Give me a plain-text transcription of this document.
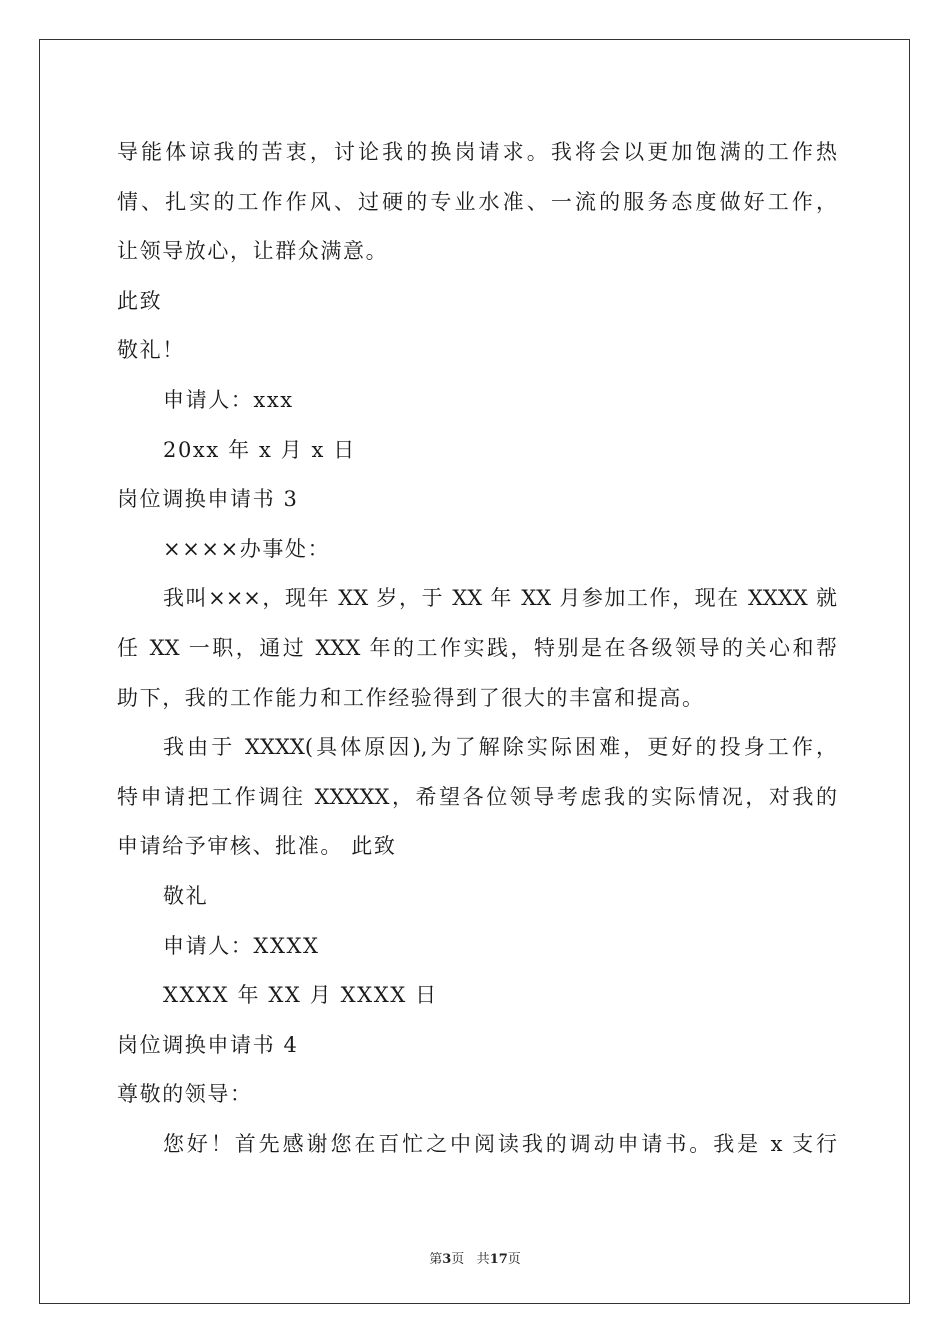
导能体谅我的苦衷，讨论我的换岗请求。我将会以更加饱满的工作热
情、扎实的工作作风、过硬的专业水准、一流的服务态度做好工作，
让领导放心，让群众满意。
此致
敬礼！
申请人：xxx
20xx 年 x 月 x 日
岗位调换申请书 3
××××办事处：
我叫×××，现年 XX 岁，于 XX 年 XX 月参加工作，现在 XXXX 就
任 XX 一职，通过 XXX 年的工作实践，特别是在各级领导的关心和帮
助下，我的工作能力和工作经验得到了很大的丰富和提高。
我由于 XXXX(具体原因),为了解除实际困难，更好的投身工作，
特申请把工作调往 XXXXX，希望各位领导考虑我的实际情况，对我的
申请给予审核、批准。 此致
敬礼
申请人：XXXX
XXXX 年 XX 月 XXXX 日
岗位调换申请书 4
尊敬的领导：
您好！首先感谢您在百忙之中阅读我的调动申请书。我是 x 支行
第3页 共17页
